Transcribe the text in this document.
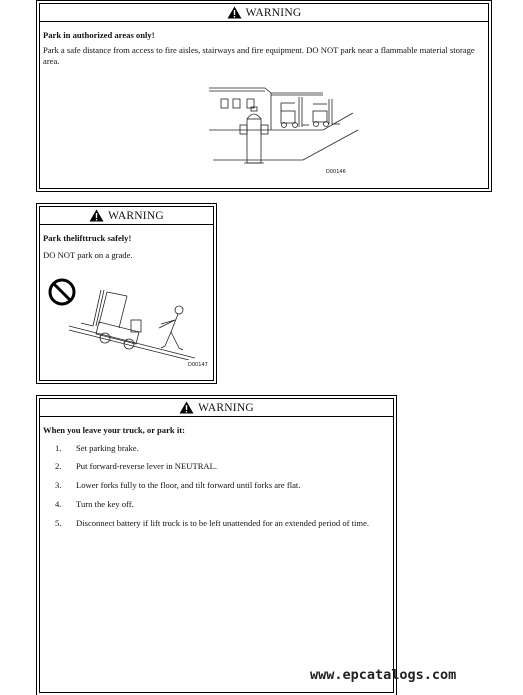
WARNING
Park in authorized areas only!
Park a safe distance from access to fire aisles, stairways and fire equipment. DO NOT park near a flammable material storage area.
D00146
WARNING
Park thelifttruck safely!
DO NOT park on a grade.
D00147
WARNING
When you leave your truck, or park it:
1. Set parking brake.
2. Put forward-reverse lever in NEUTRAL.
3. Lower forks fully to the floor, and tilt forward until forks are flat.
4. Turn the key off.
5. Disconnect battery if lift truck is to be left unattended for an extended period of time.
www.epcatalogs.com
